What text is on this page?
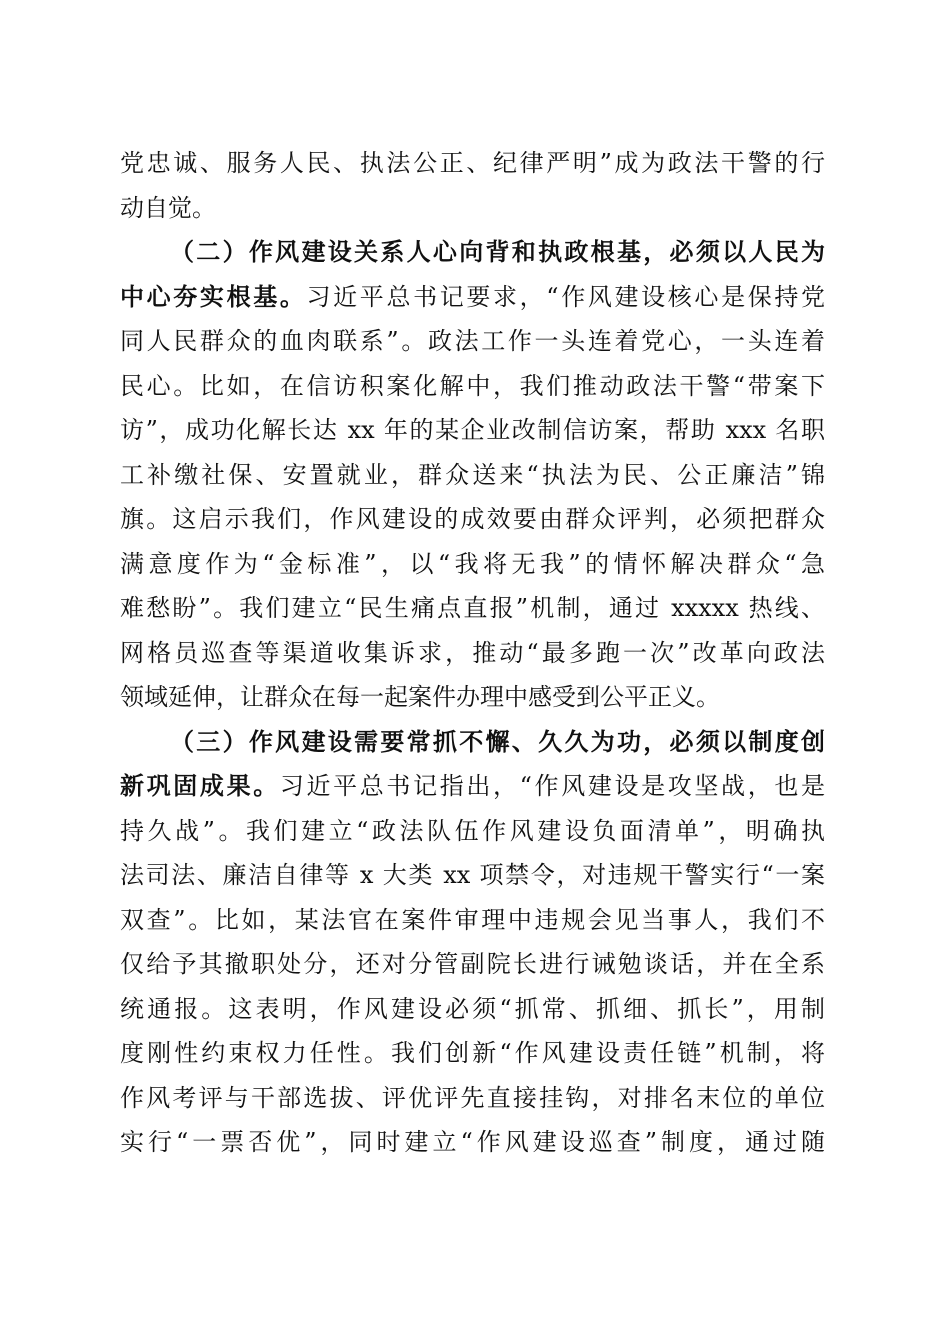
党忠诚、服务人民、执法公正、纪律严明”成为政法干警的行
动自觉。
（二）作风建设关系人心向背和执政根基，必须以人民为
中心夯实根基。习近平总书记要求，“作风建设核心是保持党
同人民群众的血肉联系”。政法工作一头连着党心，一头连着
民心。比如，在信访积案化解中，我们推动政法干警“带案下
访”，成功化解长达 xx 年的某企业改制信访案，帮助 xxx 名职
工补缴社保、安置就业，群众送来“执法为民、公正廉洁”锦
旗。这启示我们，作风建设的成效要由群众评判，必须把群众
满意度作为“金标准”，以“我将无我”的情怀解决群众“急
难愁盼”。我们建立“民生痛点直报”机制，通过 xxxxx 热线、
网格员巡查等渠道收集诉求，推动“最多跑一次”改革向政法
领域延伸，让群众在每一起案件办理中感受到公平正义。
（三）作风建设需要常抓不懈、久久为功，必须以制度创
新巩固成果。习近平总书记指出，“作风建设是攻坚战，也是
持久战”。我们建立“政法队伍作风建设负面清单”，明确执
法司法、廉洁自律等 x 大类 xx 项禁令，对违规干警实行“一案
双查”。比如，某法官在案件审理中违规会见当事人，我们不
仅给予其撤职处分，还对分管副院长进行诫勉谈话，并在全系
统通报。这表明，作风建设必须“抓常、抓细、抓长”，用制
度刚性约束权力任性。我们创新“作风建设责任链”机制，将
作风考评与干部选拔、评优评先直接挂钩，对排名末位的单位
实行“一票否优”，同时建立“作风建设巡查”制度，通过随
